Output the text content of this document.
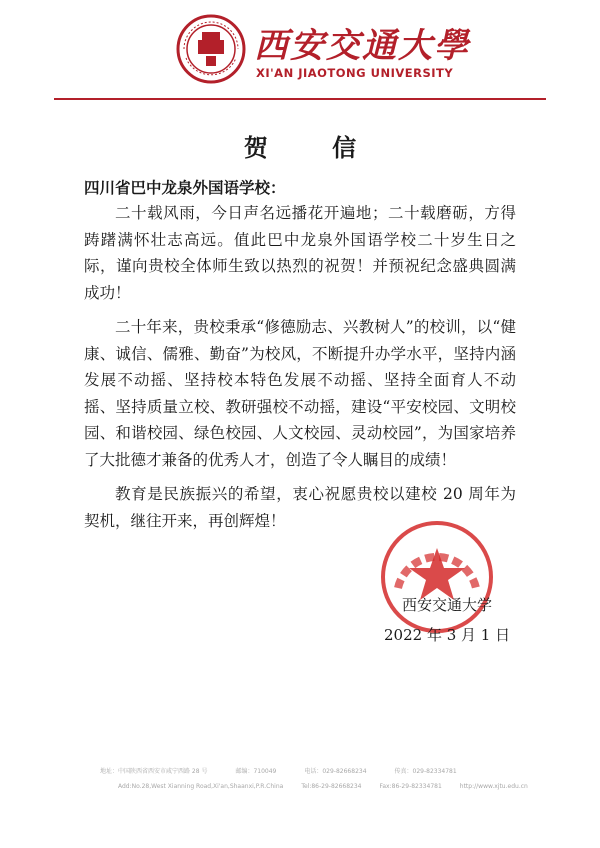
西安交通大學
XI'AN JIAOTONG UNIVERSITY
贺 信
四川省巴中龙泉外国语学校：

二十载风雨，今日声名远播花开遍地；二十载磨砺，方得踌躇满怀壮志高远。值此巴中龙泉外国语学校二十岁生日之际，谨向贵校全体师生致以热烈的祝贺！并预祝纪念盛典圆满成功！

二十年来，贵校秉承“修德励志、兴教树人”的校训，以“健康、诚信、儒雅、勤奋”为校风，不断提升办学水平，坚持内涵发展不动摇、坚持校本特色发展不动摇、坚持全面育人不动摇、坚持质量立校、教研强校不动摇，建设“平安校园、文明校园、和谐校园、绿色校园、人文校园、灵动校园”，为国家培养了大批德才兼备的优秀人才，创造了令人瞩目的成绩！

教育是民族振兴的希望，衷心祝愿贵校以建校 20 周年为契机，继往开来，再创辉煌！

西安交通大学
2022 年 3 月 1 日
地址：中国陕西省西安市咸宁西路 28 号	邮编：710049	电话：029-82668234	传真：029-82334781
Add:No.28,West Xianning Road,Xi'an,Shaanxi,P.R.China	Tel:86-29-82668234	Fax:86-29-82334781	http://www.xjtu.edu.cn
